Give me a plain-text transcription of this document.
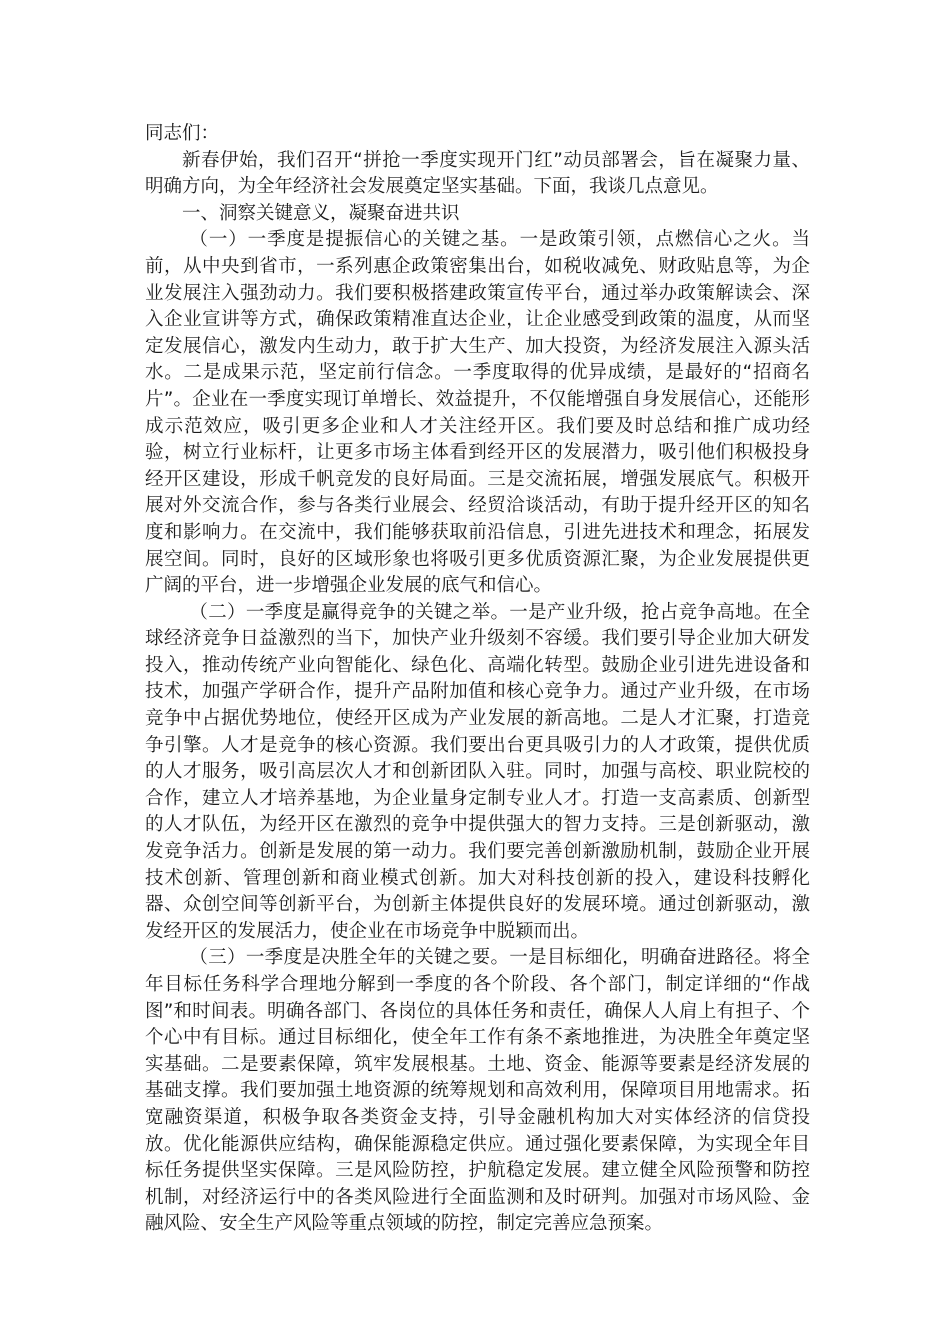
同志们：

新春伊始，我们召开“拼抢一季度实现开门红”动员部署会，旨在凝聚力量、明确方向，为全年经济社会发展奠定坚实基础。下面，我谈几点意见。

一、洞察关键意义，凝聚奋进共识

（一）一季度是提振信心的关键之基。一是政策引领，点燃信心之火。当前，从中央到省市，一系列惠企政策密集出台，如税收减免、财政贴息等，为企业发展注入强劲动力。我们要积极搭建政策宣传平台，通过举办政策解读会、深入企业宣讲等方式，确保政策精准直达企业，让企业感受到政策的温度，从而坚定发展信心，激发内生动力，敢于扩大生产、加大投资，为经济发展注入源头活水。二是成果示范，坚定前行信念。一季度取得的优异成绩，是最好的“招商名片”。企业在一季度实现订单增长、效益提升，不仅能增强自身发展信心，还能形成示范效应，吸引更多企业和人才关注经开区。我们要及时总结和推广成功经验，树立行业标杆，让更多市场主体看到经开区的发展潜力，吸引他们积极投身经开区建设，形成千帆竞发的良好局面。三是交流拓展，增强发展底气。积极开展对外交流合作，参与各类行业展会、经贸洽谈活动，有助于提升经开区的知名度和影响力。在交流中，我们能够获取前沿信息，引进先进技术和理念，拓展发展空间。同时，良好的区域形象也将吸引更多优质资源汇聚，为企业发展提供更广阔的平台，进一步增强企业发展的底气和信心。

（二）一季度是赢得竞争的关键之举。一是产业升级，抢占竞争高地。在全球经济竞争日益激烈的当下，加快产业升级刻不容缓。我们要引导企业加大研发投入，推动传统产业向智能化、绿色化、高端化转型。鼓励企业引进先进设备和技术，加强产学研合作，提升产品附加值和核心竞争力。通过产业升级，在市场竞争中占据优势地位，使经开区成为产业发展的新高地。二是人才汇聚，打造竞争引擎。人才是竞争的核心资源。我们要出台更具吸引力的人才政策，提供优质的人才服务，吸引高层次人才和创新团队入驻。同时，加强与高校、职业院校的合作，建立人才培养基地，为企业量身定制专业人才。打造一支高素质、创新型的人才队伍，为经开区在激烈的竞争中提供强大的智力支持。三是创新驱动，激发竞争活力。创新是发展的第一动力。我们要完善创新激励机制，鼓励企业开展技术创新、管理创新和商业模式创新。加大对科技创新的投入，建设科技孵化器、众创空间等创新平台，为创新主体提供良好的发展环境。通过创新驱动，激发经开区的发展活力，使企业在市场竞争中脱颖而出。

（三）一季度是决胜全年的关键之要。一是目标细化，明确奋进路径。将全年目标任务科学合理地分解到一季度的各个阶段、各个部门，制定详细的“作战图”和时间表。明确各部门、各岗位的具体任务和责任，确保人人肩上有担子、个个心中有目标。通过目标细化，使全年工作有条不紊地推进，为决胜全年奠定坚实基础。二是要素保障，筑牢发展根基。土地、资金、能源等要素是经济发展的基础支撑。我们要加强土地资源的统筹规划和高效利用，保障项目用地需求。拓宽融资渠道，积极争取各类资金支持，引导金融机构加大对实体经济的信贷投放。优化能源供应结构，确保能源稳定供应。通过强化要素保障，为实现全年目标任务提供坚实保障。三是风险防控，护航稳定发展。建立健全风险预警和防控机制，对经济运行中的各类风险进行全面监测和及时研判。加强对市场风险、金融风险、安全生产风险等重点领域的防控，制定完善应急预案。
